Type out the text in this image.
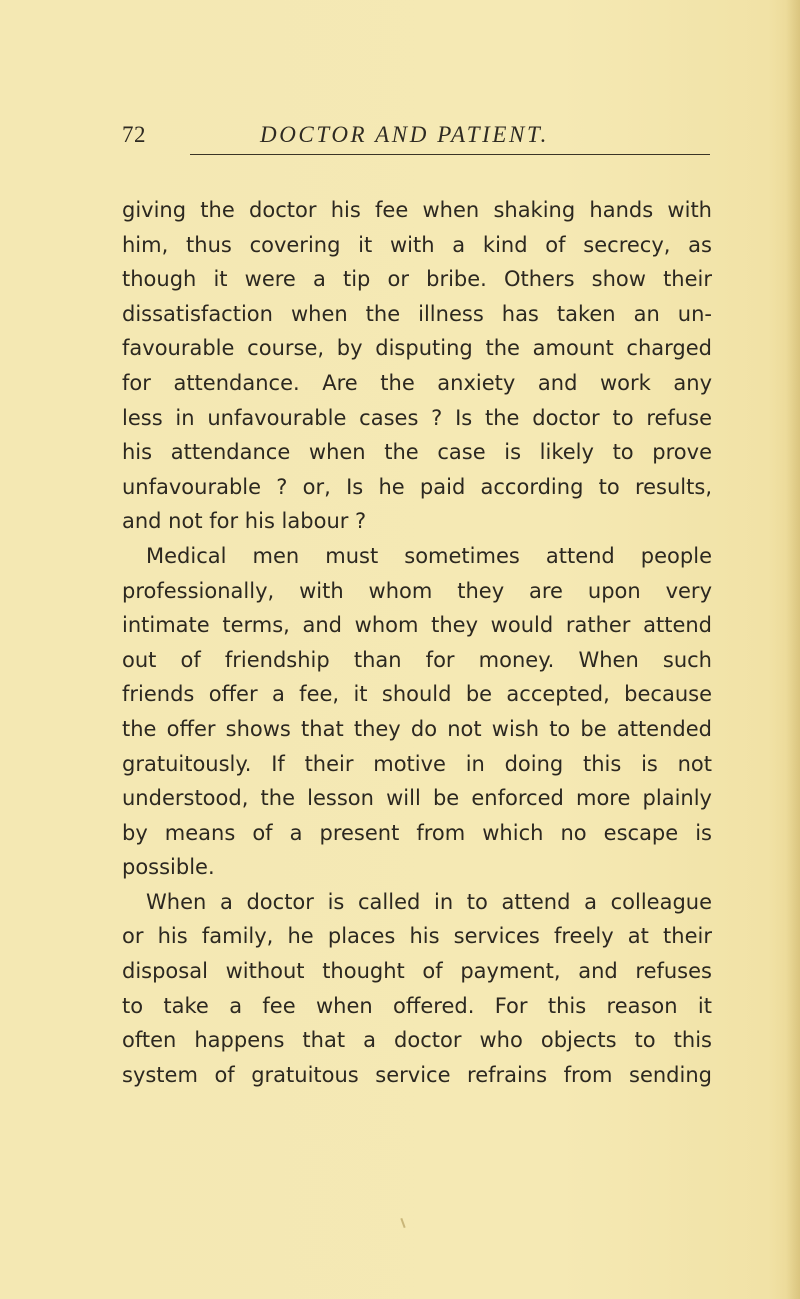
72	DOCTOR AND PATIENT.
giving the doctor his fee when shaking hands with
him, thus covering it with a kind of secrecy, as
though it were a tip or bribe. Others show their
dissatisfaction when the illness has taken an un-
favourable course, by disputing the amount charged
for attendance. Are the anxiety and work any
less in unfavourable cases ? Is the doctor to refuse
his attendance when the case is likely to prove
unfavourable ? or, Is he paid according to results,
and not for his labour ?
Medical men must sometimes attend people
professionally, with whom they are upon very
intimate terms, and whom they would rather attend
out of friendship than for money. When such
friends offer a fee, it should be accepted, because
the offer shows that they do not wish to be attended
gratuitously. If their motive in doing this is not
understood, the lesson will be enforced more plainly
by means of a present from which no escape is
possible.
When a doctor is called in to attend a colleague
or his family, he places his services freely at their
disposal without thought of payment, and refuses
to take a fee when offered. For this reason it
often happens that a doctor who objects to this
system of gratuitous service refrains from sending
